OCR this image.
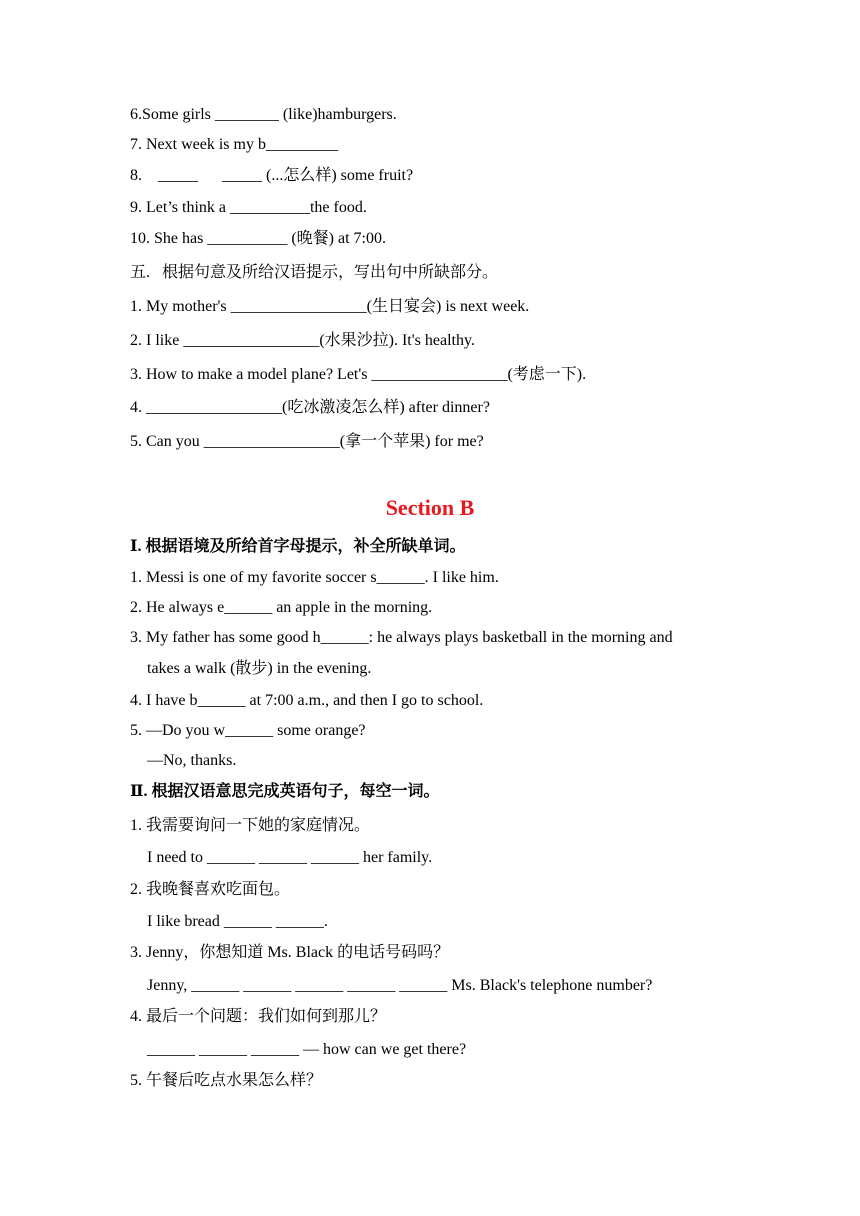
6.Some girls ________ (like)hamburgers.
7. Next week is my b_________
8.    _____      _____ (...怎么样) some fruit?
9. Let’s think a __________the food.
10. She has __________ (晚餐) at 7:00.
五.   根据句意及所给汉语提示，写出句中所缺部分。
1. My mother's _________________(生日宴会) is next week.
2. I like _________________(水果沙拉). It's healthy.
3. How to make a model plane? Let's _________________(考虑一下).
4. _________________(吃冰激凌怎么样) after dinner?
5. Can you _________________(拿一个苹果) for me?
Section B
Ⅰ. 根据语境及所给首字母提示，补全所缺单词。
1. Messi is one of my favorite soccer s______. I like him.
2. He always e______ an apple in the morning.
3. My father has some good h______: he always plays basketball in the morning and
takes a walk (散步) in the evening.
4. I have b______ at 7:00 a.m., and then I go to school.
5. —Do you w______ some orange?
—No, thanks.
Ⅱ. 根据汉语意思完成英语句子，每空一词。
1. 我需要询问一下她的家庭情况。
I need to ______ ______ ______ her family.
2. 我晚餐喜欢吃面包。
I like bread ______ ______.
3. Jenny，你想知道 Ms. Black 的电话号码吗？
Jenny, ______ ______ ______ ______ ______ Ms. Black's telephone number?
4. 最后一个问题：我们如何到那儿？
______ ______ ______ — how can we get there?
5. 午餐后吃点水果怎么样？
